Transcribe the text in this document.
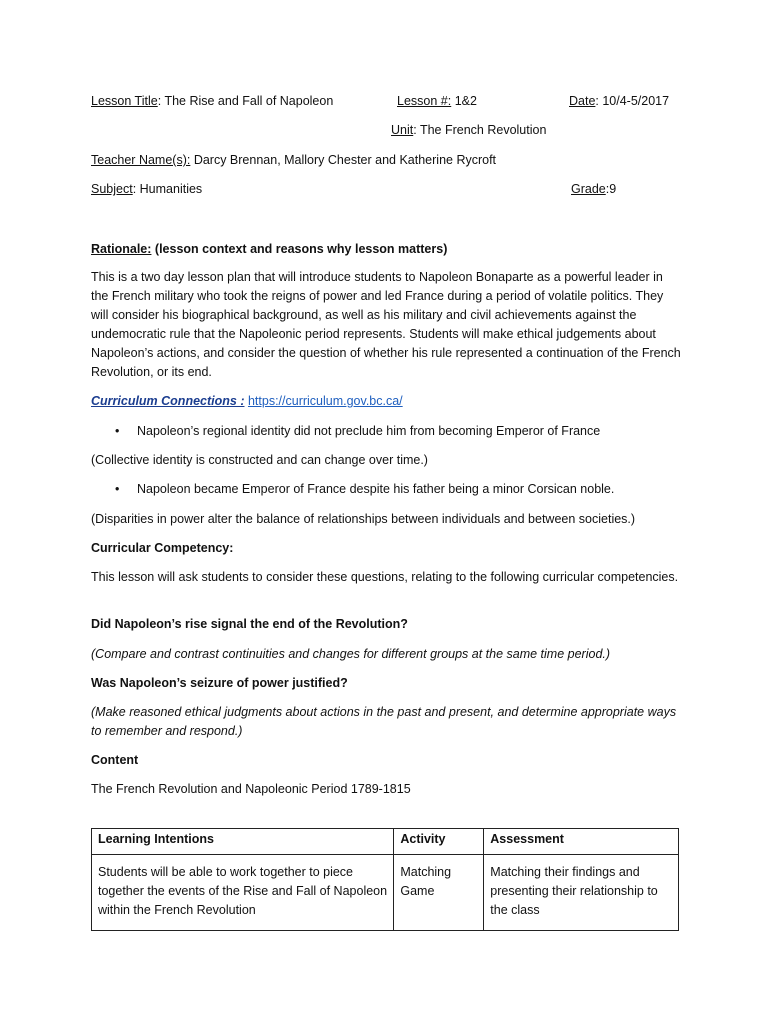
Lesson Title: The Rise and Fall of Napoleon	Lesson #: 1&2	Date: 10/4-5/2017
Unit: The French Revolution
Teacher Name(s): Darcy Brennan, Mallory Chester and Katherine Rycroft
Subject: Humanities	Grade:9
Rationale: (lesson context and reasons why lesson matters)
This is a two day lesson plan that will introduce students to Napoleon Bonaparte as a powerful leader in the French military who took the reigns of power and led France during a period of volatile politics. They will consider his biographical background, as well as his military and civil achievements against the undemocratic rule that the Napoleonic period represents. Students will make ethical judgements about Napoleon’s actions, and consider the question of whether his rule represented a continuation of the French Revolution, or its end.
Curriculum Connections : https://curriculum.gov.bc.ca/
• Napoleon’s regional identity did not preclude him from becoming Emperor of France
(Collective identity is constructed and can change over time.)
• Napoleon became Emperor of France despite his father being a minor Corsican noble.
(Disparities in power alter the balance of relationships between individuals and between societies.)
Curricular Competency:
This lesson will ask students to consider these questions, relating to the following curricular competencies.
Did Napoleon’s rise signal the end of the Revolution?
(Compare and contrast continuities and changes for different groups at the same time period.)
Was Napoleon’s seizure of power justified?
(Make reasoned ethical judgments about actions in the past and present, and determine appropriate ways to remember and respond.)
Content
The French Revolution and Napoleonic Period 1789-1815
Learning Intentions	Activity	Assessment
Students will be able to work together to piece together the events of the Rise and Fall of Napoleon within the French Revolution	Matching Game	Matching their findings and presenting their relationship to the class
